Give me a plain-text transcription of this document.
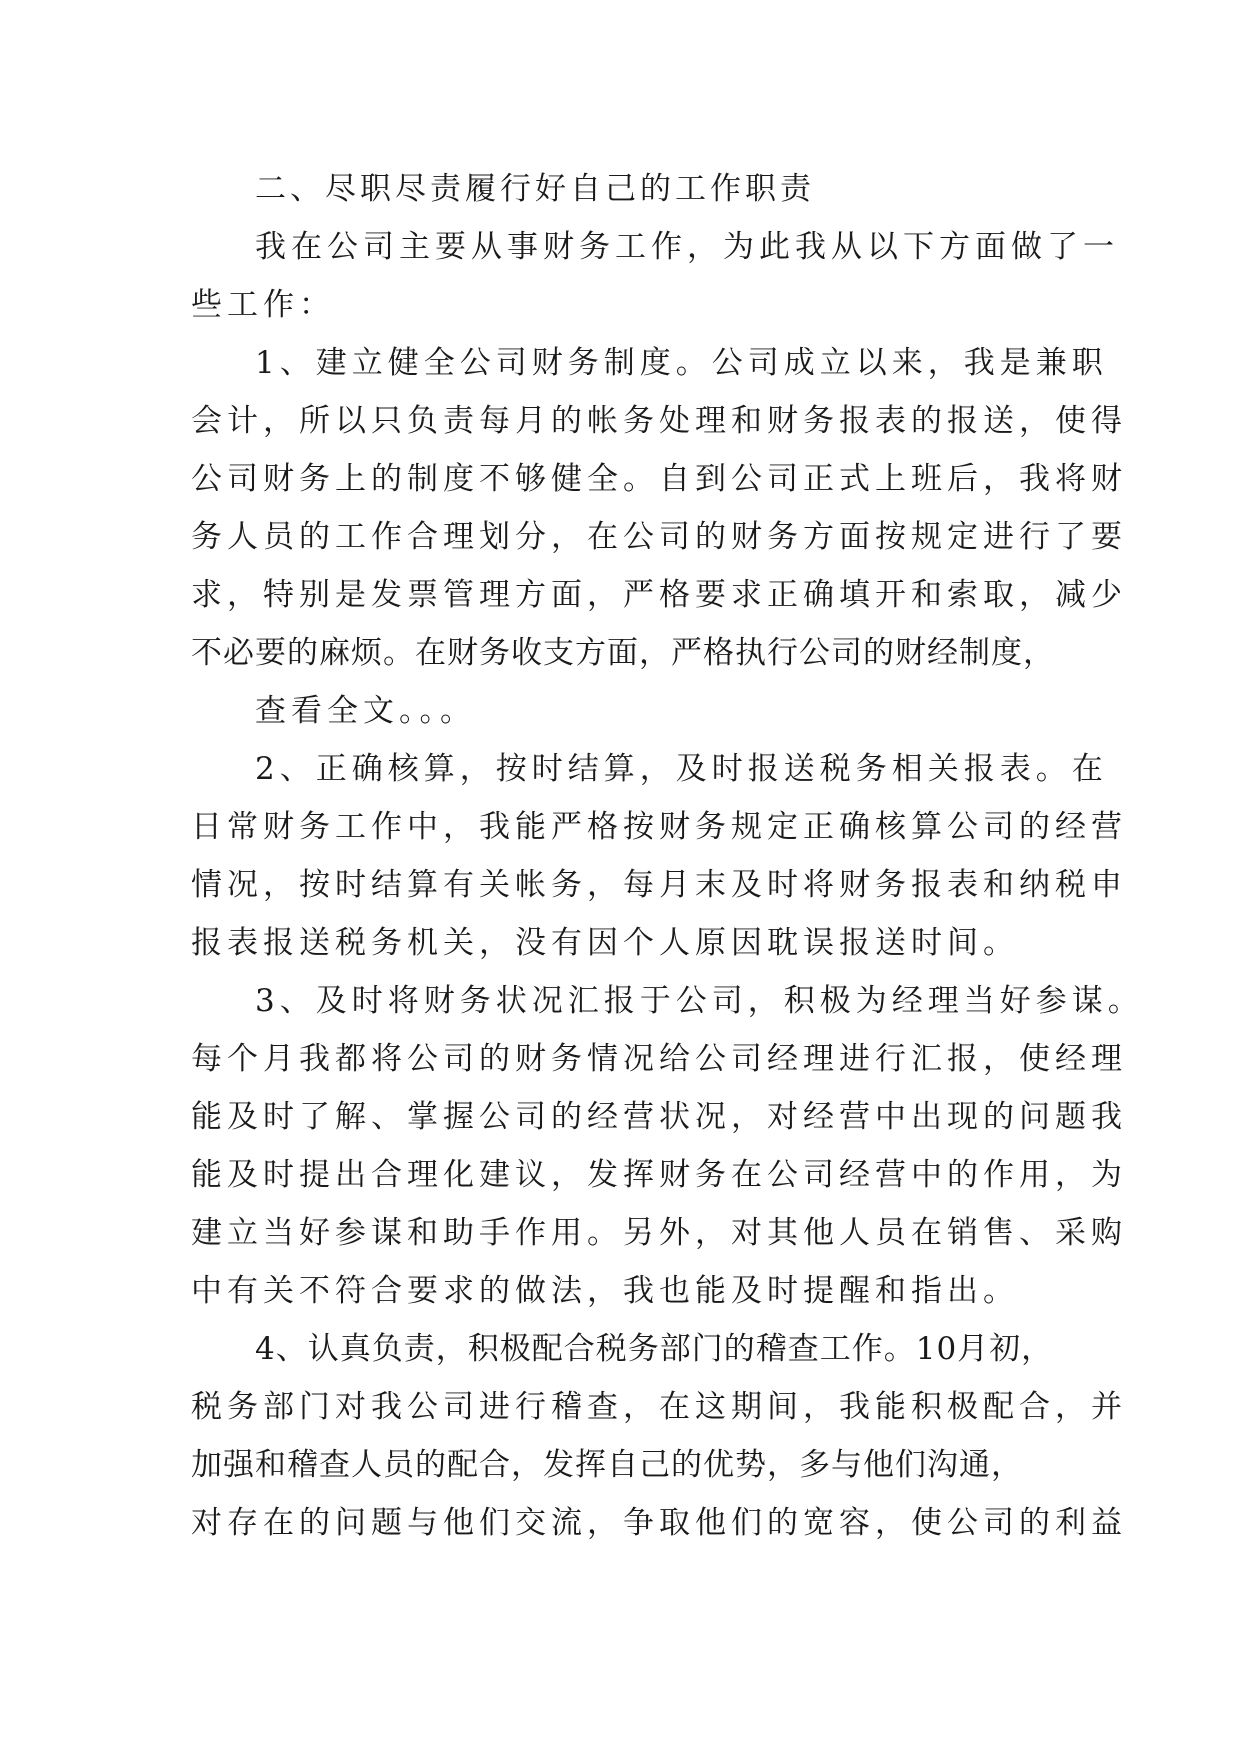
二、尽职尽责履行好自己的工作职责
我在公司主要从事财务工作，为此我从以下方面做了一
些工作：
1、建立健全公司财务制度。公司成立以来，我是兼职
会计，所以只负责每月的帐务处理和财务报表的报送，使得
公司财务上的制度不够健全。自到公司正式上班后，我将财
务人员的工作合理划分，在公司的财务方面按规定进行了要
求，特别是发票管理方面，严格要求正确填开和索取，减少
不必要的麻烦。在财务收支方面，严格执行公司的财经制度，
查看全文。。。
2、正确核算，按时结算，及时报送税务相关报表。在
日常财务工作中，我能严格按财务规定正确核算公司的经营
情况，按时结算有关帐务，每月末及时将财务报表和纳税申
报表报送税务机关，没有因个人原因耽误报送时间。
3、及时将财务状况汇报于公司，积极为经理当好参谋。
每个月我都将公司的财务情况给公司经理进行汇报，使经理
能及时了解、掌握公司的经营状况，对经营中出现的问题我
能及时提出合理化建议，发挥财务在公司经营中的作用，为
建立当好参谋和助手作用。另外，对其他人员在销售、采购
中有关不符合要求的做法，我也能及时提醒和指出。
4、认真负责，积极配合税务部门的稽查工作。10月初，
税务部门对我公司进行稽查，在这期间，我能积极配合，并
加强和稽查人员的配合，发挥自己的优势，多与他们沟通，
对存在的问题与他们交流，争取他们的宽容，使公司的利益
